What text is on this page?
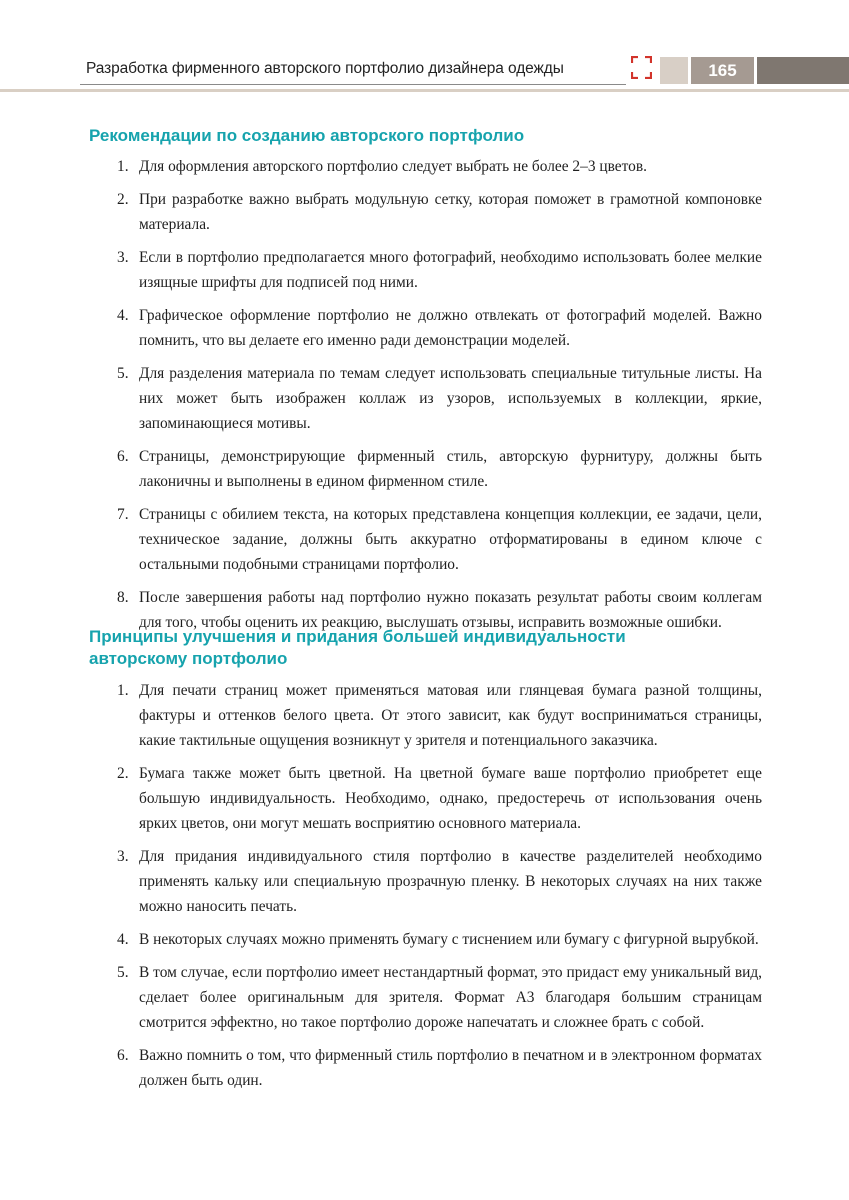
Разработка фирменного авторского портфолио дизайнера одежды	165
Рекомендации по созданию авторского портфолио
1. Для оформления авторского портфолио следует выбрать не более 2–3 цветов.
2. При разработке важно выбрать модульную сетку, которая поможет в грамотной компоновке материала.
3. Если в портфолио предполагается много фотографий, необходимо использовать более мелкие изящные шрифты для подписей под ними.
4. Графическое оформление портфолио не должно отвлекать от фотографий моделей. Важно помнить, что вы делаете его именно ради демонстрации моделей.
5. Для разделения материала по темам следует использовать специальные титульные листы. На них может быть изображен коллаж из узоров, используемых в коллекции, яркие, запоминающиеся мотивы.
6. Страницы, демонстрирующие фирменный стиль, авторскую фурнитуру, должны быть лаконичны и выполнены в едином фирменном стиле.
7. Страницы с обилием текста, на которых представлена концепция коллекции, ее задачи, цели, техническое задание, должны быть аккуратно отформатированы в едином ключе с остальными подобными страницами портфолио.
8. После завершения работы над портфолио нужно показать результат работы своим коллегам для того, чтобы оценить их реакцию, выслушать отзывы, исправить возможные ошибки.
Принципы улучшения и придания большей индивидуальности
авторскому портфолио
1. Для печати страниц может применяться матовая или глянцевая бумага разной толщины, фактуры и оттенков белого цвета. От этого зависит, как будут восприниматься страницы, какие тактильные ощущения возникнут у зрителя и потенциального заказчика.
2. Бумага также может быть цветной. На цветной бумаге ваше портфолио приобретет еще большую индивидуальность. Необходимо, однако, предостеречь от использования очень ярких цветов, они могут мешать восприятию основного материала.
3. Для придания индивидуального стиля портфолио в качестве разделителей необходимо применять кальку или специальную прозрачную пленку. В некоторых случаях на них также можно наносить печать.
4. В некоторых случаях можно применять бумагу с тиснением или бумагу с фигурной вырубкой.
5. В том случае, если портфолио имеет нестандартный формат, это придаст ему уникальный вид, сделает более оригинальным для зрителя. Формат А3 благодаря большим страницам смотрится эффектно, но такое портфолио дороже напечатать и сложнее брать с собой.
6. Важно помнить о том, что фирменный стиль портфолио в печатном и в электронном форматах должен быть один.
